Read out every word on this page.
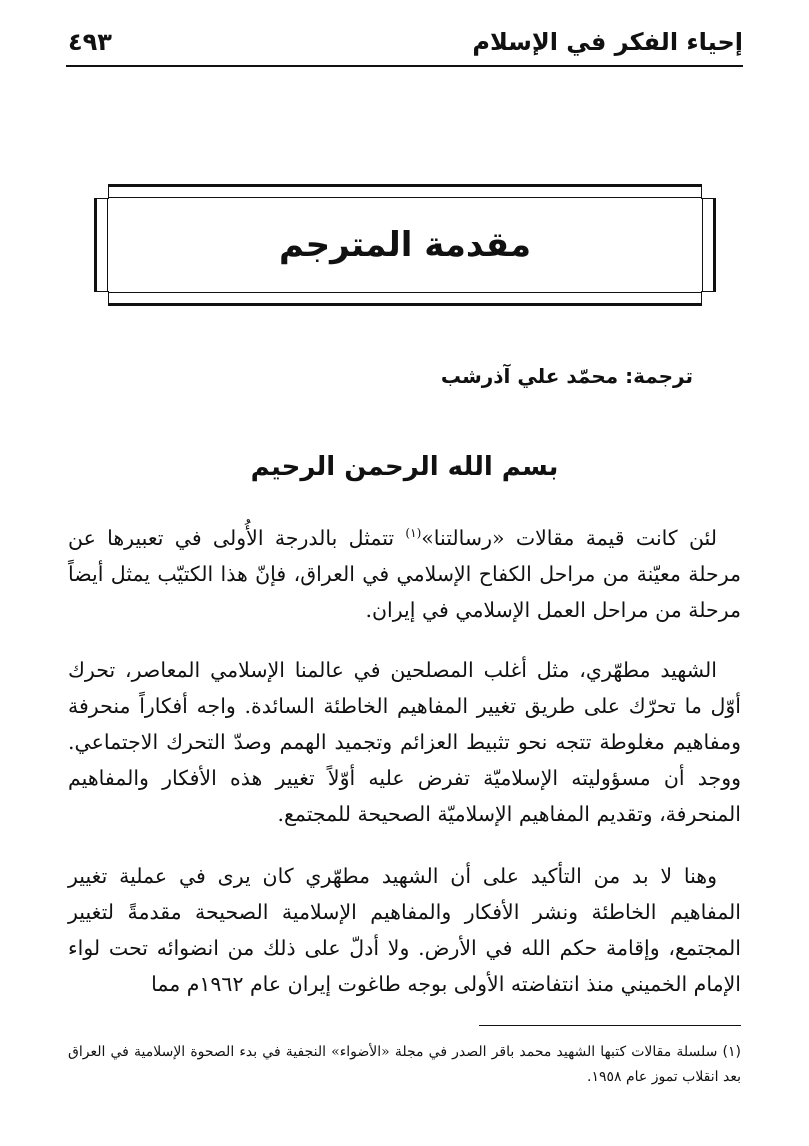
إحياء الفكر في الإسلام
٤٩٣
مقدمة المترجم
ترجمة: محمّد علي آذرشب
بسم الله الرحمن الرحيم

لئن كانت قيمة مقالات «رسالتنا»$^{(١)}$ تتمثل بالدرجة الأُولى في تعبيرها عن مرحلة معيّنة من مراحل الكفاح الإسلامي في العراق، فإنّ هذا الكتيّب يمثل أيضاً مرحلة من مراحل العمل الإسلامي في إيران.

الشهيد مطهّري، مثل أغلب المصلحين في عالمنا الإسلامي المعاصر، تحرك أوّل ما تحرّك على طريق تغيير المفاهيم الخاطئة السائدة. واجه أفكاراً منحرفة ومفاهيم مغلوطة تتجه نحو تثبيط العزائم وتجميد الهمم وصدّ التحرك الاجتماعي. ووجد أن مسؤوليته الإسلاميّة تفرض عليه أوّلاً تغيير هذه الأفكار والمفاهيم المنحرفة، وتقديم المفاهيم الإسلاميّة الصحيحة للمجتمع.

وهنا لا بد من التأكيد على أن الشهيد مطهّري كان يرى في عملية تغيير المفاهيم الخاطئة ونشر الأفكار والمفاهيم الإسلامية الصحيحة مقدمةً لتغيير المجتمع، وإقامة حكم الله في الأرض. ولا أدلّ على ذلك من انضوائه تحت لواء الإمام الخميني منذ انتفاضته الأولى بوجه طاغوت إيران عام ١٩٦٢م مما

(١) سلسلة مقالات كتبها الشهيد محمد باقر الصدر في مجلة «الأضواء» النجفية في بدء الصحوة الإسلامية في العراق بعد انقلاب تموز عام ١٩٥٨.
